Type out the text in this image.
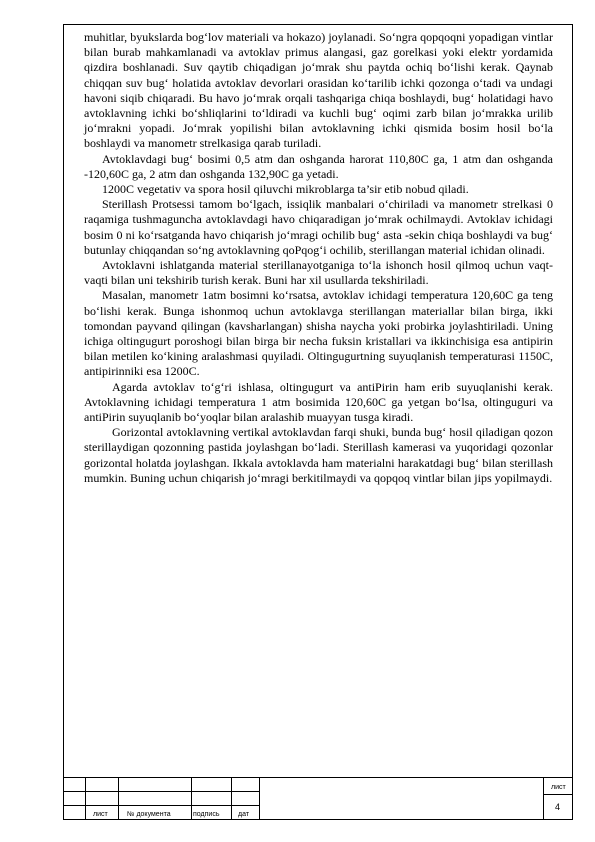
muhitlar, byukslarda bog‘lov materiali va hokazo) joylanadi. So‘ngra qopqoqni yopadigan vintlar bilan burab mahkamlanadi va avtoklav primus alangasi, gaz gorelkasi yoki elektr yordamida qizdira boshlanadi. Suv qaytib chiqadigan jo‘mrak shu paytda ochiq bo‘lishi kerak. Qaynab chiqqan suv bug‘ holatida avtoklav devorlari orasidan ko‘tarilib ichki qozonga o‘tadi va undagi havoni siqib chiqaradi. Bu havo jo‘mrak orqali tashqariga chiqa boshlaydi, bug‘ holatidagi havo avtoklavning ichki bo‘shliqlarini to‘ldiradi va kuchli bug‘ oqimi zarb bilan jo‘mrakka urilib jo‘mrakni yopadi. Jo‘mrak yopilishi bilan avtoklavning ichki qismida bosim hosil bo‘la boshlaydi va manometr strelkasiga qarab turiladi.

Avtoklavdagi bug‘ bosimi 0,5 atm dan oshganda harorat 110,80C ga, 1 atm dan oshganda -120,60C ga, 2 atm dan oshganda 132,90C ga yetadi.

1200C vegetativ va spora hosil qiluvchi mikroblarga ta’sir etib nobud qiladi.

Sterillash Protsessi tamom bo‘lgach, issiqlik manbalari o‘chiriladi va manometr strelkasi 0 raqamiga tushmaguncha avtoklavdagi havo chiqaradigan jo‘mrak ochilmaydi. Avtoklav ichidagi bosim 0 ni ko‘rsatganda havo chiqarish jo‘mragi ochilib bug‘ asta -sekin chiqa boshlaydi va bug‘ butunlay chiqqandan so‘ng avtoklavning qoPqog‘i ochilib, sterillangan material ichidan olinadi.

Avtoklavni ishlatganda material sterillanayotganiga to‘la ishonch hosil qilmoq uchun vaqt-vaqti bilan uni tekshirib turish kerak. Buni har xil usullarda tekshiriladi.

Masalan, manometr 1atm bosimni ko‘rsatsa, avtoklav ichidagi temperatura 120,60C ga teng bo‘lishi kerak. Bunga ishonmoq uchun avtoklavga sterillangan materiallar bilan birga, ikki tomondan payvand qilingan (kavsharlangan) shisha naycha yoki probirka joylashtiriladi. Uning ichiga oltingugurt poroshogi bilan birga bir necha fuksin kristallari va ikkinchisiga esa antipirin bilan metilen ko‘kining aralashmasi quyiladi. Oltingugurtning suyuqlanish temperaturasi 1150C, antipirinniki esa 1200C.

Agarda avtoklav to‘g‘ri ishlasa, oltingugurt va antiPirin ham erib suyuqlanishi kerak. Avtoklavning ichidagi temperatura 1 atm bosimida 120,60C ga yetgan bo‘lsa, oltinguguri va antiPirin suyuqlanib bo‘yoqlar bilan aralashib muayyan tusga kiradi.

Gorizontal avtoklavning vertikal avtoklavdan farqi shuki, bunda bug‘ hosil qiladigan qozon sterillaydigan qozonning pastida joylashgan bo‘ladi. Sterillash kamerasi va yuqoridagi qozonlar gorizontal holatda joylashgan. Ikkala avtoklavda ham materialni harakatdagi bug‘ bilan sterillash mumkin. Buning uchun chiqarish jo‘mragi berkitilmaydi va qopqoq vintlar bilan jips yopilmaydi.

лист	№ документа	подпись	дат
лист
4
